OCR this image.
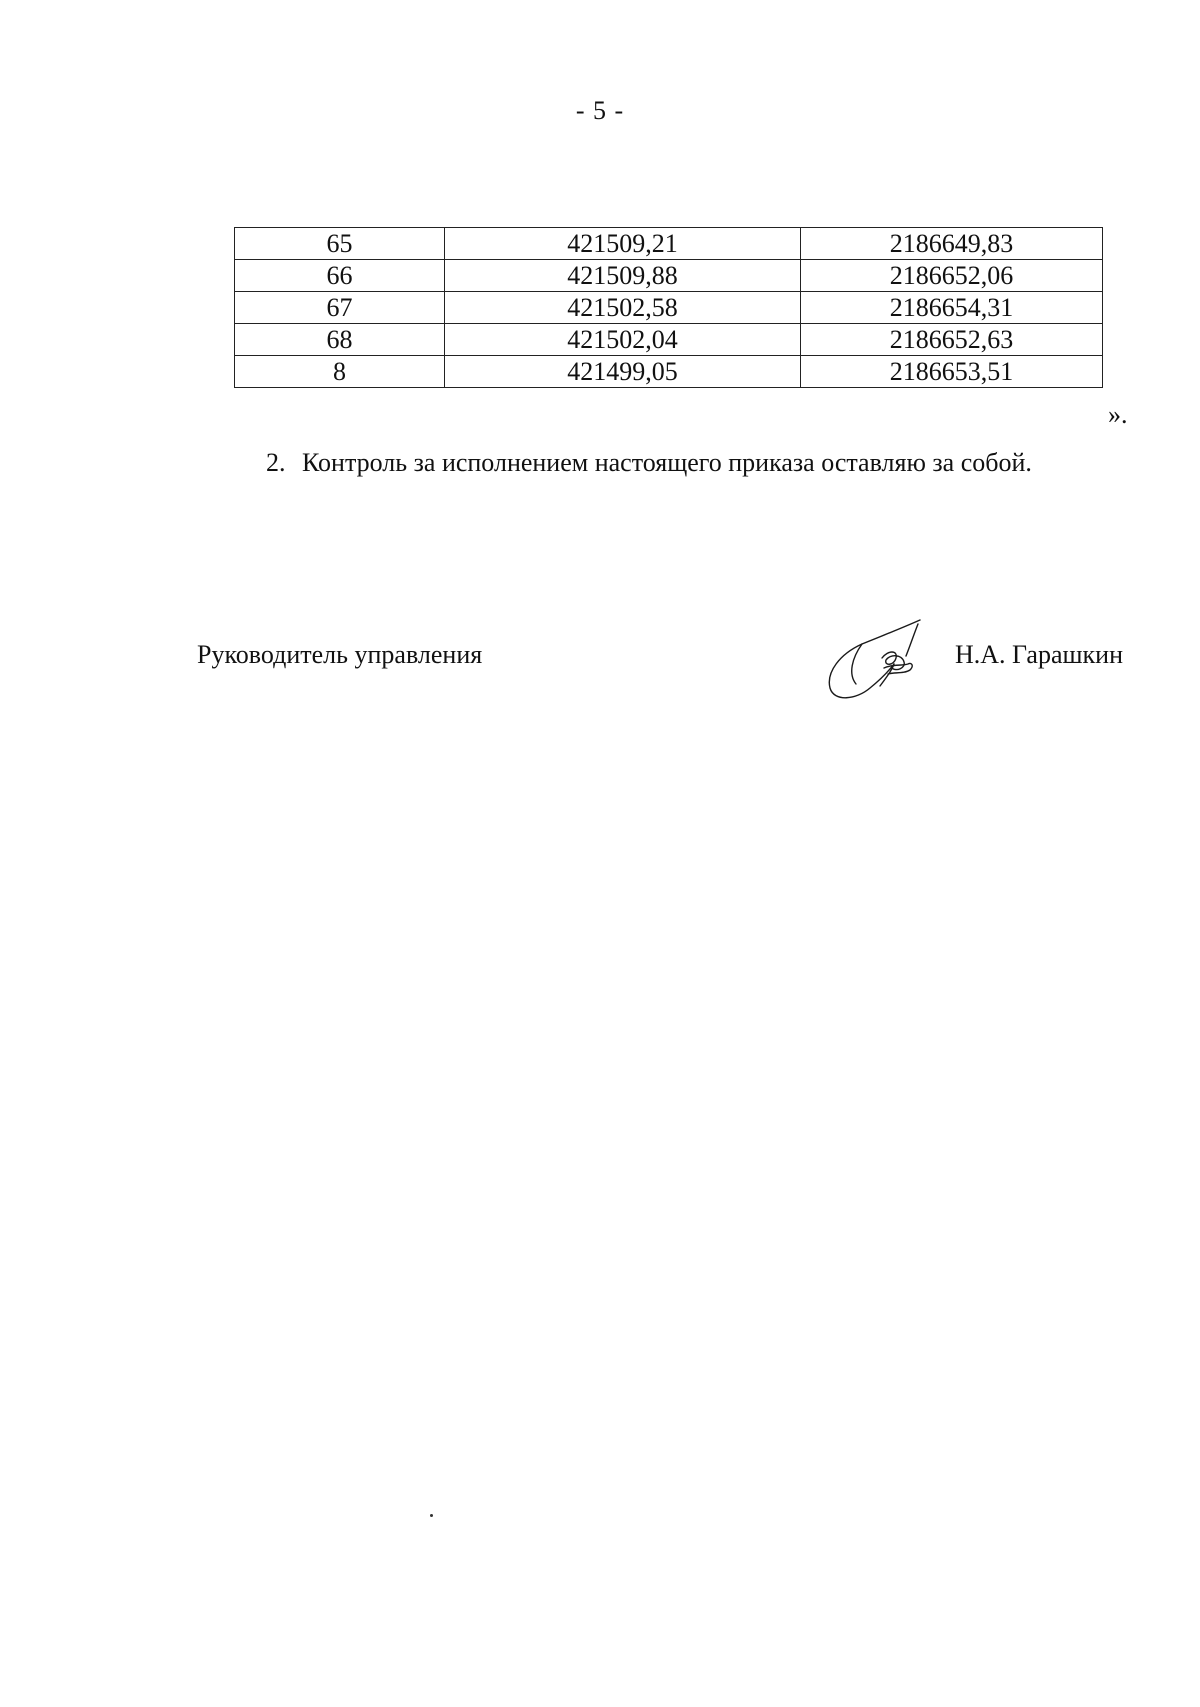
- 5 -
65	421509,21	2186649,83
66	421509,88	2186652,06
67	421502,58	2186654,31
68	421502,04	2186652,63
8	421499,05	2186653,51
».
2. Контроль за исполнением настоящего приказа оставляю за собой.
Руководитель управления	Н.А. Гарашкин
